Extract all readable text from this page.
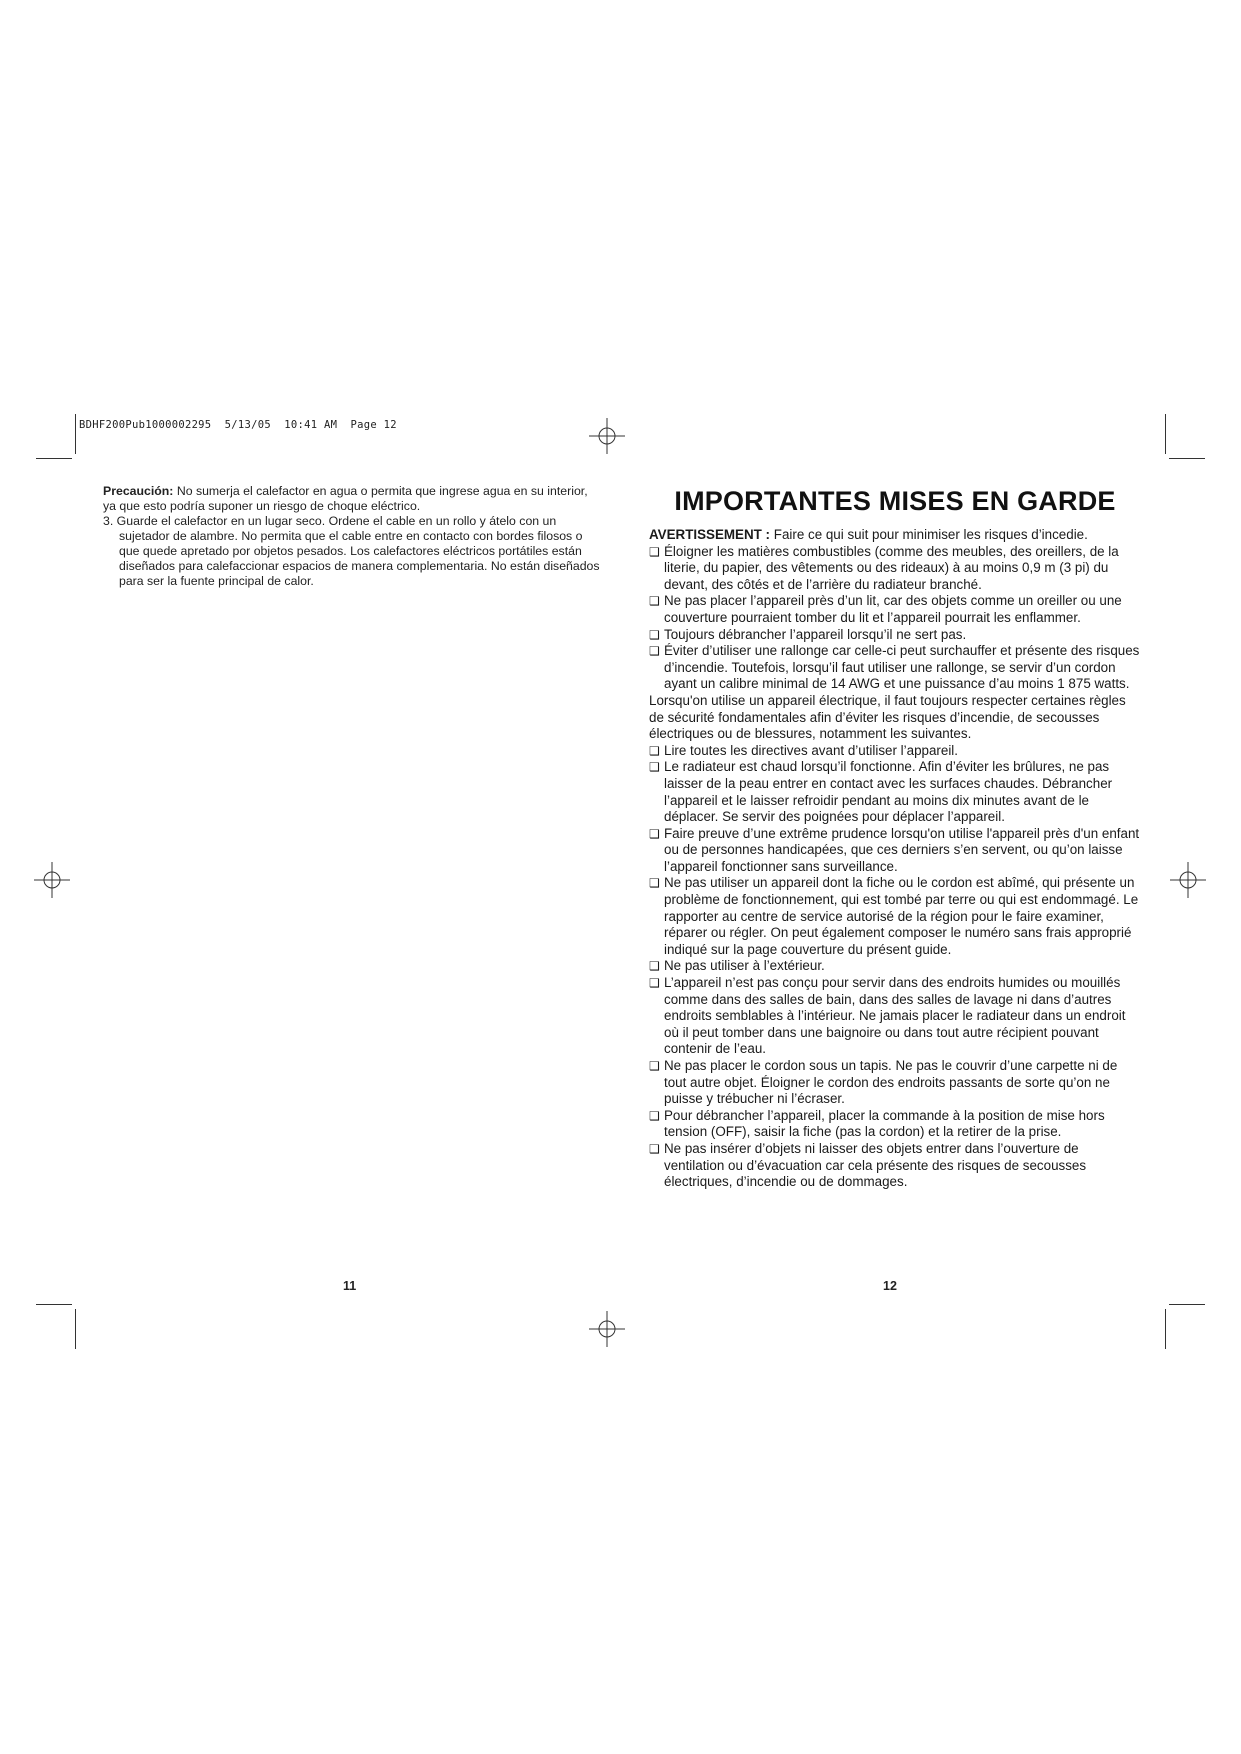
BDHF200Pub1000002295  5/13/05  10:41 AM  Page 12

Precaución: No sumerja el calefactor en agua o permita que ingrese agua en su interior, ya que esto podría suponer un riesgo de choque eléctrico.

3. Guarde el calefactor en un lugar seco. Ordene el cable en un rollo y átelo con un sujetador de alambre. No permita que el cable entre en contacto con bordes filosos o que quede apretado por objetos pesados. Los calefactores eléctricos portátiles están diseñados para calefaccionar espacios de manera complementaria. No están diseñados para ser la fuente principal de calor.

IMPORTANTES MISES EN GARDE

AVERTISSEMENT : Faire ce qui suit pour minimiser les risques d’incedie.

❑ Éloigner les matières combustibles (comme des meubles, des oreillers, de la literie, du papier, des vêtements ou des rideaux) à au moins 0,9 m (3 pi) du devant, des côtés et de l’arrière du radiateur branché.
❑ Ne pas placer l’appareil près d’un lit, car des objets comme un oreiller ou une couverture pourraient tomber du lit et l’appareil pourrait les enflammer.
❑ Toujours débrancher l’appareil lorsqu’il ne sert pas.
❑ Éviter d’utiliser une rallonge car celle-ci peut surchauffer et présente des risques d’incendie. Toutefois, lorsqu’il faut utiliser une rallonge, se servir d’un cordon ayant un calibre minimal de 14 AWG et une puissance d’au moins 1 875 watts.

Lorsqu'on utilise un appareil électrique, il faut toujours respecter certaines règles de sécurité fondamentales afin d’éviter les risques d’incendie, de secousses électriques ou de blessures, notamment les suivantes.

❑ Lire toutes les directives avant d’utiliser l’appareil.
❑ Le radiateur est chaud lorsqu’il fonctionne. Afin d’éviter les brûlures, ne pas laisser de la peau entrer en contact avec les surfaces chaudes. Débrancher l’appareil et le laisser refroidir pendant au moins dix minutes avant de le déplacer. Se servir des poignées pour déplacer l’appareil.
❑ Faire preuve d’une extrême prudence lorsqu'on utilise l'appareil près d'un enfant ou de personnes handicapées, que ces derniers s’en servent, ou qu’on laisse l’appareil fonctionner sans surveillance.
❑ Ne pas utiliser un appareil dont la fiche ou le cordon est abîmé, qui présente un problème de fonctionnement, qui est tombé par terre ou qui est endommagé. Le rapporter au centre de service autorisé de la région pour le faire examiner, réparer ou régler. On peut également composer le numéro sans frais approprié indiqué sur la page couverture du présent guide.
❑ Ne pas utiliser à l’extérieur.
❑ L’appareil n’est pas conçu pour servir dans des endroits humides ou mouillés comme dans des salles de bain, dans des salles de lavage ni dans d’autres endroits semblables à l’intérieur. Ne jamais placer le radiateur dans un endroit où il peut tomber dans une baignoire ou dans tout autre récipient pouvant contenir de l’eau.
❑ Ne pas placer le cordon sous un tapis. Ne pas le couvrir d’une carpette ni de tout autre objet. Éloigner le cordon des endroits passants de sorte qu’on ne puisse y trébucher ni l’écraser.
❑ Pour débrancher l’appareil, placer la commande à la position de mise hors tension (OFF), saisir la fiche (pas la cordon) et la retirer de la prise.
❑ Ne pas insérer d’objets ni laisser des objets entrer dans l’ouverture de ventilation ou d’évacuation car cela présente des risques de secousses électriques, d’incendie ou de dommages.
11	12
